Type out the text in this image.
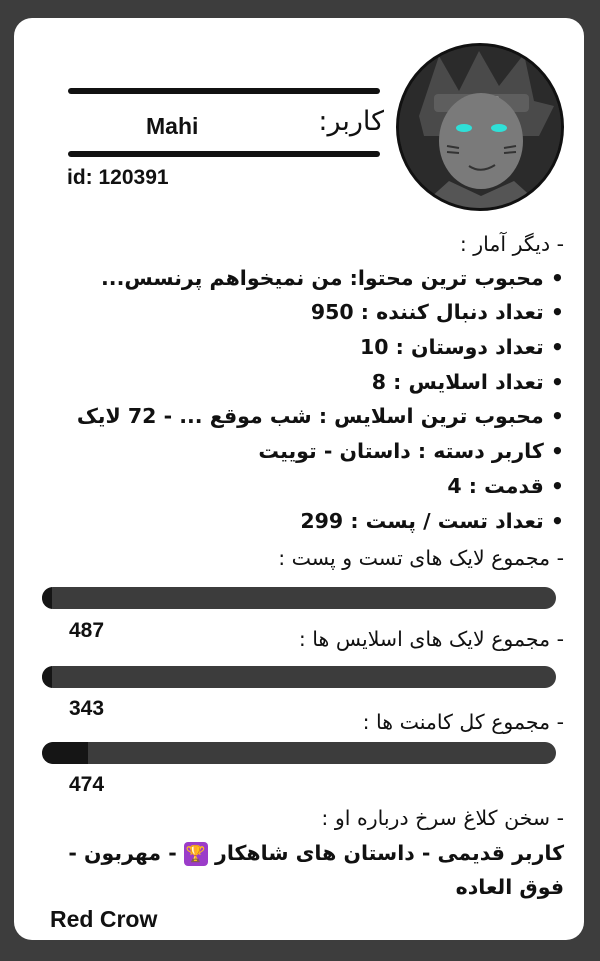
کاربر:
Mahi
id: 120391
- دیگر آمار :
• محبوب ترین محتوا: من نمیخواهم پرنسس...
• تعداد دنبال کننده : 950
• تعداد دوستان : 10
• تعداد اسلایس : 8
• محبوب ترین اسلایس : شب موقع ... - 72 لایک
• کاربر دسته : داستان - توییت
• قدمت : 4
• تعداد تست / پست : 299
- مجموع لایک های تست و پست :
487	- مجموع لایک های اسلایس ها :
343
- مجموع کل کامنت ها :
474
- سخن کلاغ سرخ درباره او :
کاربر قدیمی - داستان های شاهکار 🏆 - مهربون - فوق العاده
Red Crow
